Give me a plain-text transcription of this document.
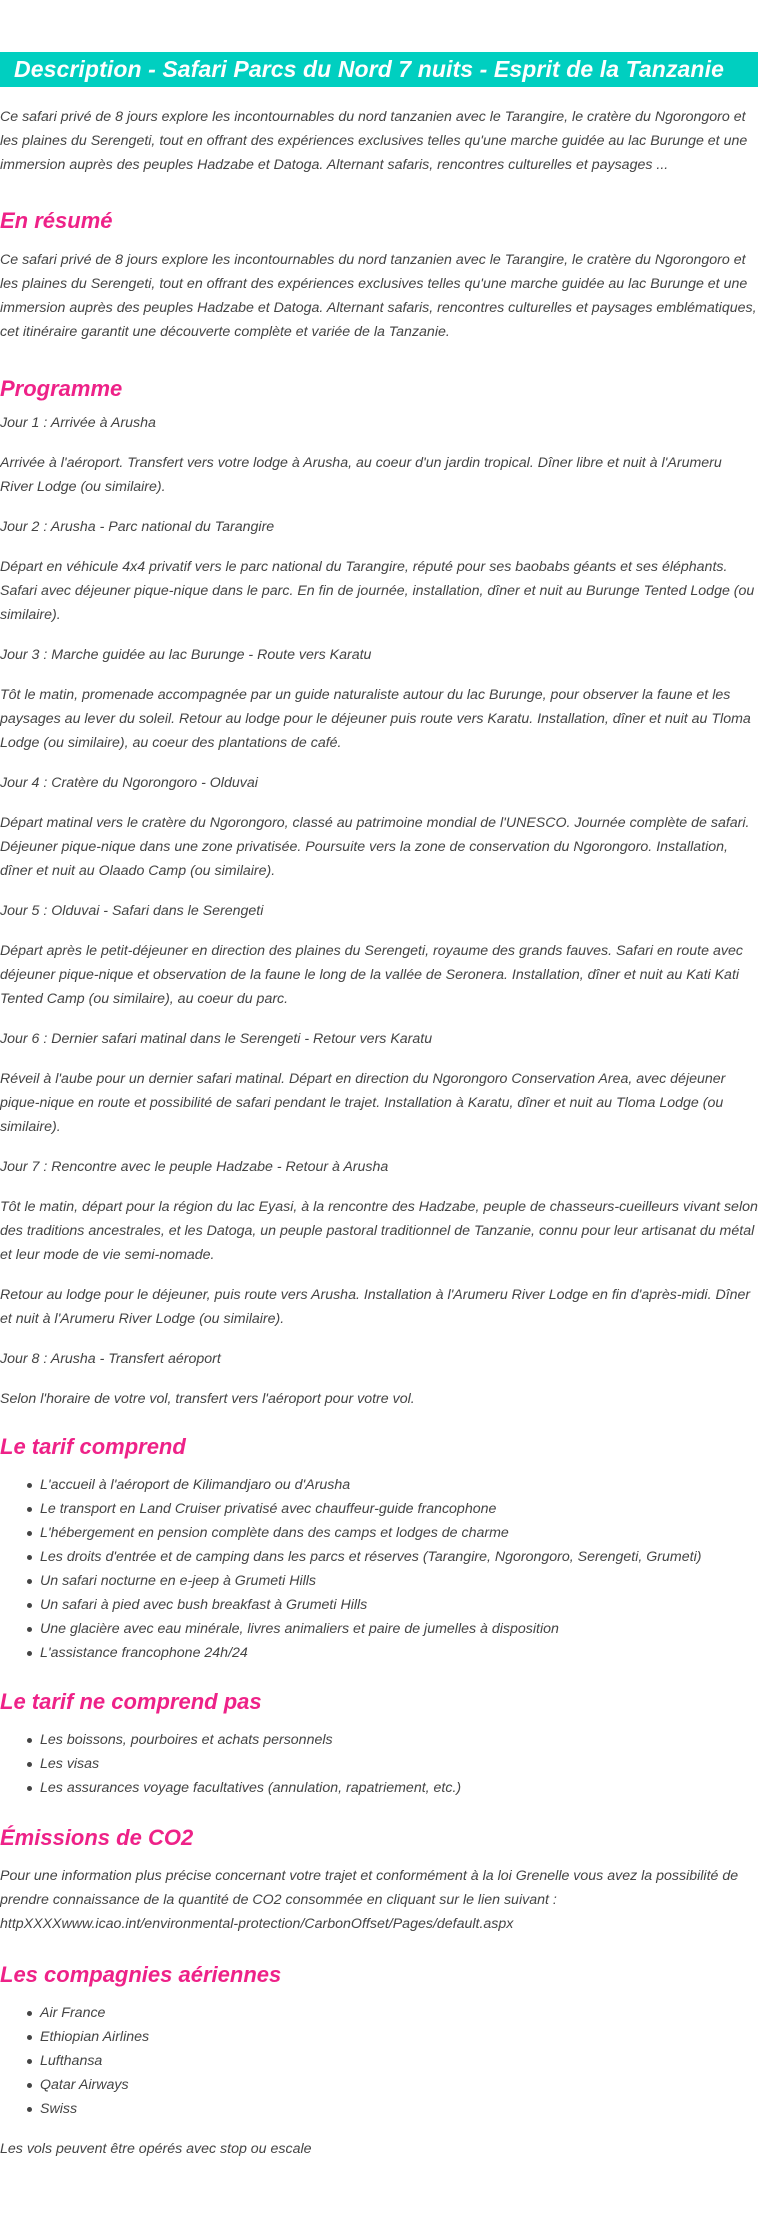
Description - Safari Parcs du Nord 7 nuits - Esprit de la Tanzanie

Ce safari privé de 8 jours explore les incontournables du nord tanzanien avec le Tarangire, le cratère du Ngorongoro et les plaines du Serengeti, tout en offrant des expériences exclusives telles qu'une marche guidée au lac Burunge et une immersion auprès des peuples Hadzabe et Datoga. Alternant safaris, rencontres culturelles et paysages ...

En résumé

Ce safari privé de 8 jours explore les incontournables du nord tanzanien avec le Tarangire, le cratère du Ngorongoro et les plaines du Serengeti, tout en offrant des expériences exclusives telles qu'une marche guidée au lac Burunge et une immersion auprès des peuples Hadzabe et Datoga. Alternant safaris, rencontres culturelles et paysages emblématiques, cet itinéraire garantit une découverte complète et variée de la Tanzanie.

Programme

Jour 1 : Arrivée à Arusha

Arrivée à l'aéroport. Transfert vers votre lodge à Arusha, au coeur d'un jardin tropical. Dîner libre et nuit à l'Arumeru River Lodge (ou similaire).

Jour 2 : Arusha - Parc national du Tarangire

Départ en véhicule 4x4 privatif vers le parc national du Tarangire, réputé pour ses baobabs géants et ses éléphants. Safari avec déjeuner pique-nique dans le parc. En fin de journée, installation, dîner et nuit au Burunge Tented Lodge (ou similaire).

Jour 3 : Marche guidée au lac Burunge - Route vers Karatu

Tôt le matin, promenade accompagnée par un guide naturaliste autour du lac Burunge, pour observer la faune et les paysages au lever du soleil. Retour au lodge pour le déjeuner puis route vers Karatu. Installation, dîner et nuit au Tloma Lodge (ou similaire), au coeur des plantations de café.

Jour 4 : Cratère du Ngorongoro - Olduvai

Départ matinal vers le cratère du Ngorongoro, classé au patrimoine mondial de l'UNESCO. Journée complète de safari. Déjeuner pique-nique dans une zone privatisée. Poursuite vers la zone de conservation du Ngorongoro. Installation, dîner et nuit au Olaado Camp (ou similaire).

Jour 5 : Olduvai - Safari dans le Serengeti

Départ après le petit-déjeuner en direction des plaines du Serengeti, royaume des grands fauves. Safari en route avec déjeuner pique-nique et observation de la faune le long de la vallée de Seronera. Installation, dîner et nuit au Kati Kati Tented Camp (ou similaire), au coeur du parc.

Jour 6 : Dernier safari matinal dans le Serengeti - Retour vers Karatu

Réveil à l'aube pour un dernier safari matinal. Départ en direction du Ngorongoro Conservation Area, avec déjeuner pique-nique en route et possibilité de safari pendant le trajet. Installation à Karatu, dîner et nuit au Tloma Lodge (ou similaire).

Jour 7 : Rencontre avec le peuple Hadzabe - Retour à Arusha

Tôt le matin, départ pour la région du lac Eyasi, à la rencontre des Hadzabe, peuple de chasseurs-cueilleurs vivant selon des traditions ancestrales, et les Datoga, un peuple pastoral traditionnel de Tanzanie, connu pour leur artisanat du métal et leur mode de vie semi-nomade.

Retour au lodge pour le déjeuner, puis route vers Arusha. Installation à l'Arumeru River Lodge en fin d'après-midi. Dîner et nuit à l'Arumeru River Lodge (ou similaire).

Jour 8 : Arusha - Transfert aéroport

Selon l'horaire de votre vol, transfert vers l'aéroport pour votre vol.

Le tarif comprend
L'accueil à l'aéroport de Kilimandjaro ou d'Arusha
Le transport en Land Cruiser privatisé avec chauffeur-guide francophone
L'hébergement en pension complète dans des camps et lodges de charme
Les droits d'entrée et de camping dans les parcs et réserves (Tarangire, Ngorongoro, Serengeti, Grumeti)
Un safari nocturne en e-jeep à Grumeti Hills
Un safari à pied avec bush breakfast à Grumeti Hills
Une glacière avec eau minérale, livres animaliers et paire de jumelles à disposition
L'assistance francophone 24h/24
Le tarif ne comprend pas
Les boissons, pourboires et achats personnels
Les visas
Les assurances voyage facultatives (annulation, rapatriement, etc.)
Émissions de CO2

Pour une information plus précise concernant votre trajet et conformément à la loi Grenelle vous avez la possibilité de prendre connaissance de la quantité de CO2 consommée en cliquant sur le lien suivant : httpXXXXwww.icao.int/environmental-protection/CarbonOffset/Pages/default.aspx

Les compagnies aériennes
Air France
Ethiopian Airlines
Lufthansa
Qatar Airways
Swiss

Les vols peuvent être opérés avec stop ou escale
